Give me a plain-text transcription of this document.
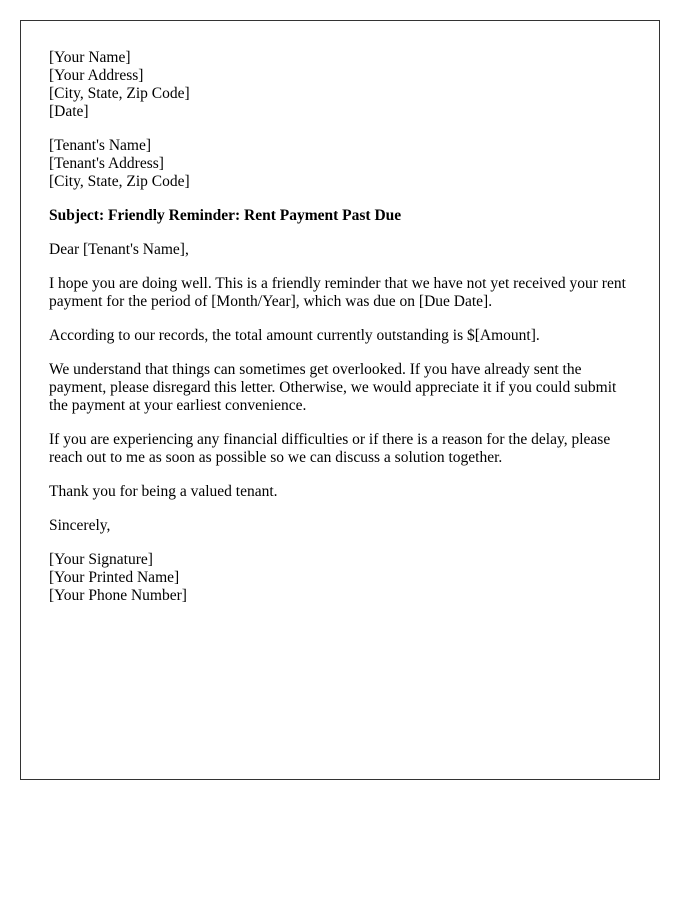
[Your Name]
[Your Address]
[City, State, Zip Code]
[Date]
[Tenant's Name]
[Tenant's Address]
[City, State, Zip Code]

Subject: Friendly Reminder: Rent Payment Past Due

Dear [Tenant's Name],

I hope you are doing well. This is a friendly reminder that we have not yet received your rent payment for the period of [Month/Year], which was due on [Due Date].

According to our records, the total amount currently outstanding is $[Amount].

We understand that things can sometimes get overlooked. If you have already sent the payment, please disregard this letter. Otherwise, we would appreciate it if you could submit the payment at your earliest convenience.

If you are experiencing any financial difficulties or if there is a reason for the delay, please reach out to me as soon as possible so we can discuss a solution together.

Thank you for being a valued tenant.

Sincerely,

[Your Signature]
[Your Printed Name]
[Your Phone Number]
